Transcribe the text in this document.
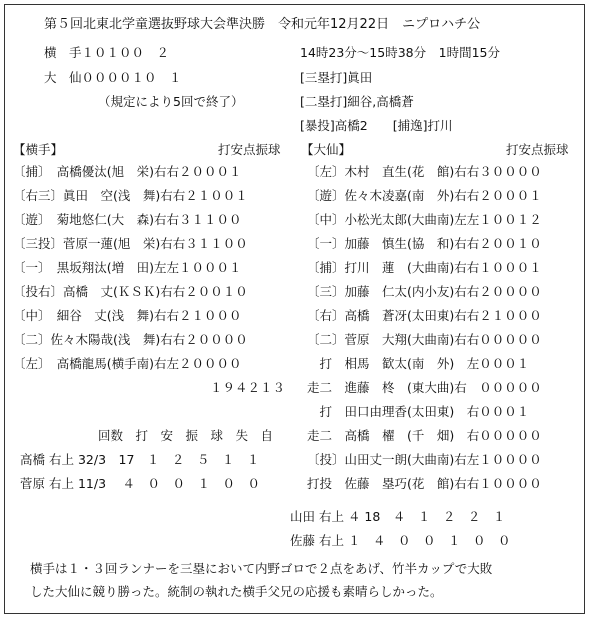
第５回北東北学童選抜野球大会準決勝　令和元年12月22日　ニプロハチ公
横　手１０１００　２
大　仙００００１０　１
（規定により5回で終了）
14時23分～15時38分　1時間15分
[三塁打]眞田
[二塁打]細谷,高橋蒼
[暴投]高橋2　　[捕逸]打川
【横手】	打安点振球
〔捕〕　高橋優汰(旭　栄)右右２０００１
〔右三〕眞田　空(浅　舞)右右２１００１
〔遊〕　菊地悠仁(大　森)右右３１１００
〔三投〕菅原一蓮(旭　栄)右右３１１００
〔一〕　黒坂翔汰(増　田)左左１０００１
〔投右〕高橋　丈(ＫＳＫ)右右２００１０
〔中〕　細谷　丈(浅　舞)右右２１０００
〔二〕佐々木陽哉(浅　舞)右右２００００
〔左〕　高橋龍馬(横手南)右左２００００
１９４２１３
【大仙】	打安点振球
〔左〕木村　直生(花　館)右右３００００
〔遊〕佐々木凌嘉(南　外)右右２０００１
〔中〕小松光太郎(大曲南)左左１００１２
〔一〕加藤　慎生(協　和)右右２００１０
〔捕〕打川　蓮　(大曲南)右右１０００１
〔三〕加藤　仁太(内小友)右右２００００
〔右〕高橋　蒼冴(太田東)右右２１０００
〔二〕菅原　大翔(大曲南)右右０００００
　打　相馬　歓太(南　外)　左０００１
走二　進藤　柊　(東大曲)右　０００００
　打　田口由理香(太田東)　右０００１
走二　高橋　櫂　(千　畑)　右０００００
〔投〕山田丈一朗(大曲南)右左１００００
打投　佐藤　塁巧(花　館)右右１００００
回数　打　安　振　球　失　自
高橋 右上 32/3　17　１　２　５　１　１
菅原 右上 11/3　 ４　０　０　１　０　０
山田 右上 ４ 18　４　１　２　２　１
佐藤 右上 １　４　０　０　１　０　０
横手は１・３回ランナーを三塁において内野ゴロで２点をあげ、竹半カップで大敗
した大仙に競り勝った。統制の執れた横手父兄の応援も素晴らしかった。
